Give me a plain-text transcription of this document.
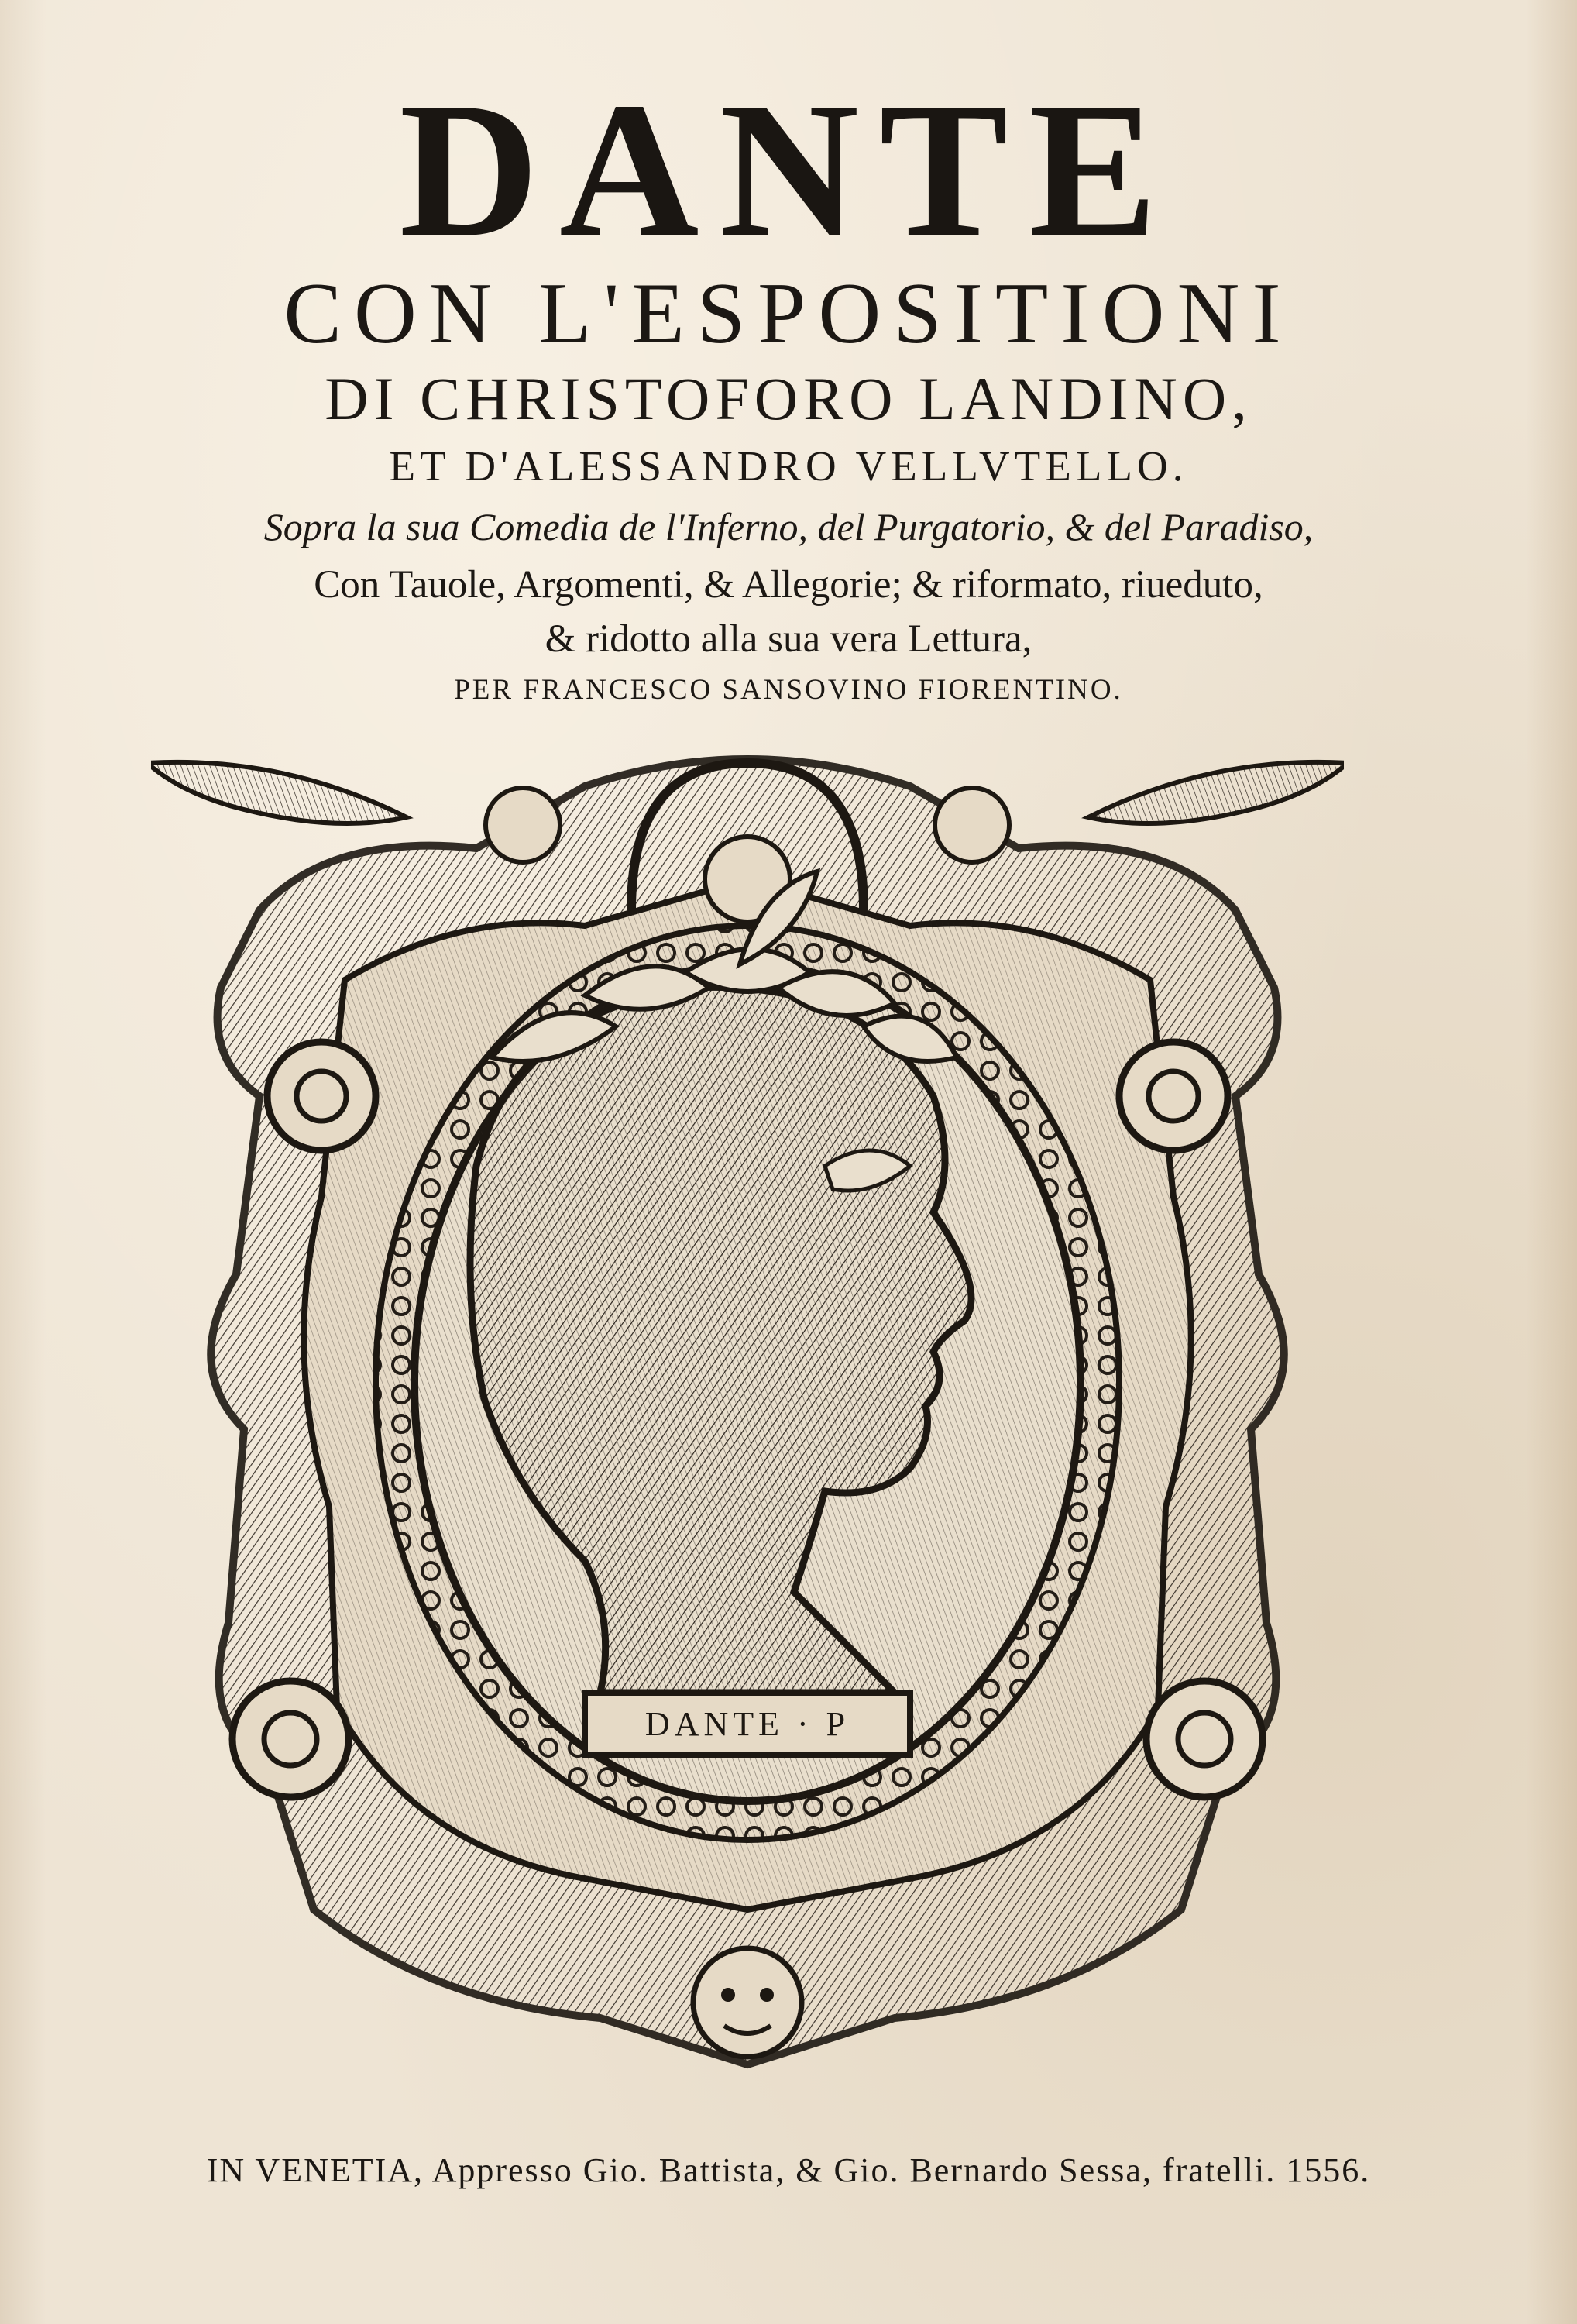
DANTE
CON L'ESPOSITIONI
DI CHRISTOFORO LANDINO,
ET D'ALESSANDRO VELLVTELLO.
Sopra la sua Comedia de l'Inferno, del Purgatorio, & del Paradiso,
Con Tauole, Argomenti, & Allegorie; & riformato, riueduto,
& ridotto alla sua vera Lettura,
PER FRANCESCO SANSOVINO FIORENTINO.
DANTE · P
IN VENETIA, Appresso Gio. Battista, & Gio. Bernardo Sessa, fratelli. 1556.
